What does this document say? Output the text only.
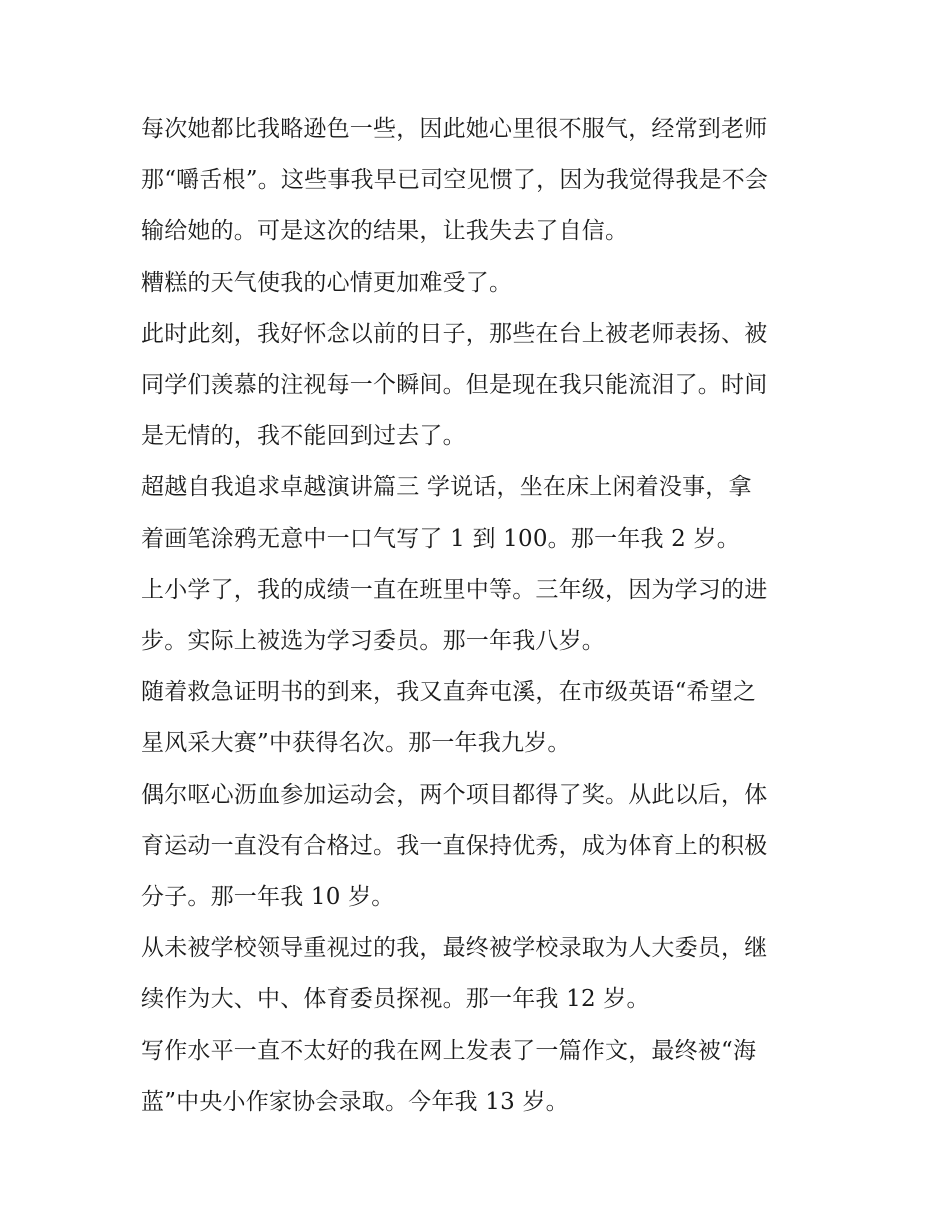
每次她都比我略逊色一些，因此她心里很不服气，经常到老师
那“嚼舌根”。这些事我早已司空见惯了，因为我觉得我是不会
输给她的。可是这次的结果，让我失去了自信。

糟糕的天气使我的心情更加难受了。

此时此刻，我好怀念以前的日子，那些在台上被老师表扬、被
同学们羡慕的注视每一个瞬间。但是现在我只能流泪了。时间
是无情的，我不能回到过去了。

超越自我追求卓越演讲篇三 学说话，坐在床上闲着没事，拿
着画笔涂鸦无意中一口气写了 1 到 100。那一年我 2 岁。

上小学了，我的成绩一直在班里中等。三年级，因为学习的进
步。实际上被选为学习委员。那一年我八岁。

随着救急证明书的到来，我又直奔屯溪，在市级英语“希望之
星风采大赛”中获得名次。那一年我九岁。

偶尔呕心沥血参加运动会，两个项目都得了奖。从此以后，体
育运动一直没有合格过。我一直保持优秀，成为体育上的积极
分子。那一年我 10 岁。

从未被学校领导重视过的我，最终被学校录取为人大委员，继
续作为大、中、体育委员探视。那一年我 12 岁。

写作水平一直不太好的我在网上发表了一篇作文，最终被“海
蓝”中央小作家协会录取。今年我 13 岁。
